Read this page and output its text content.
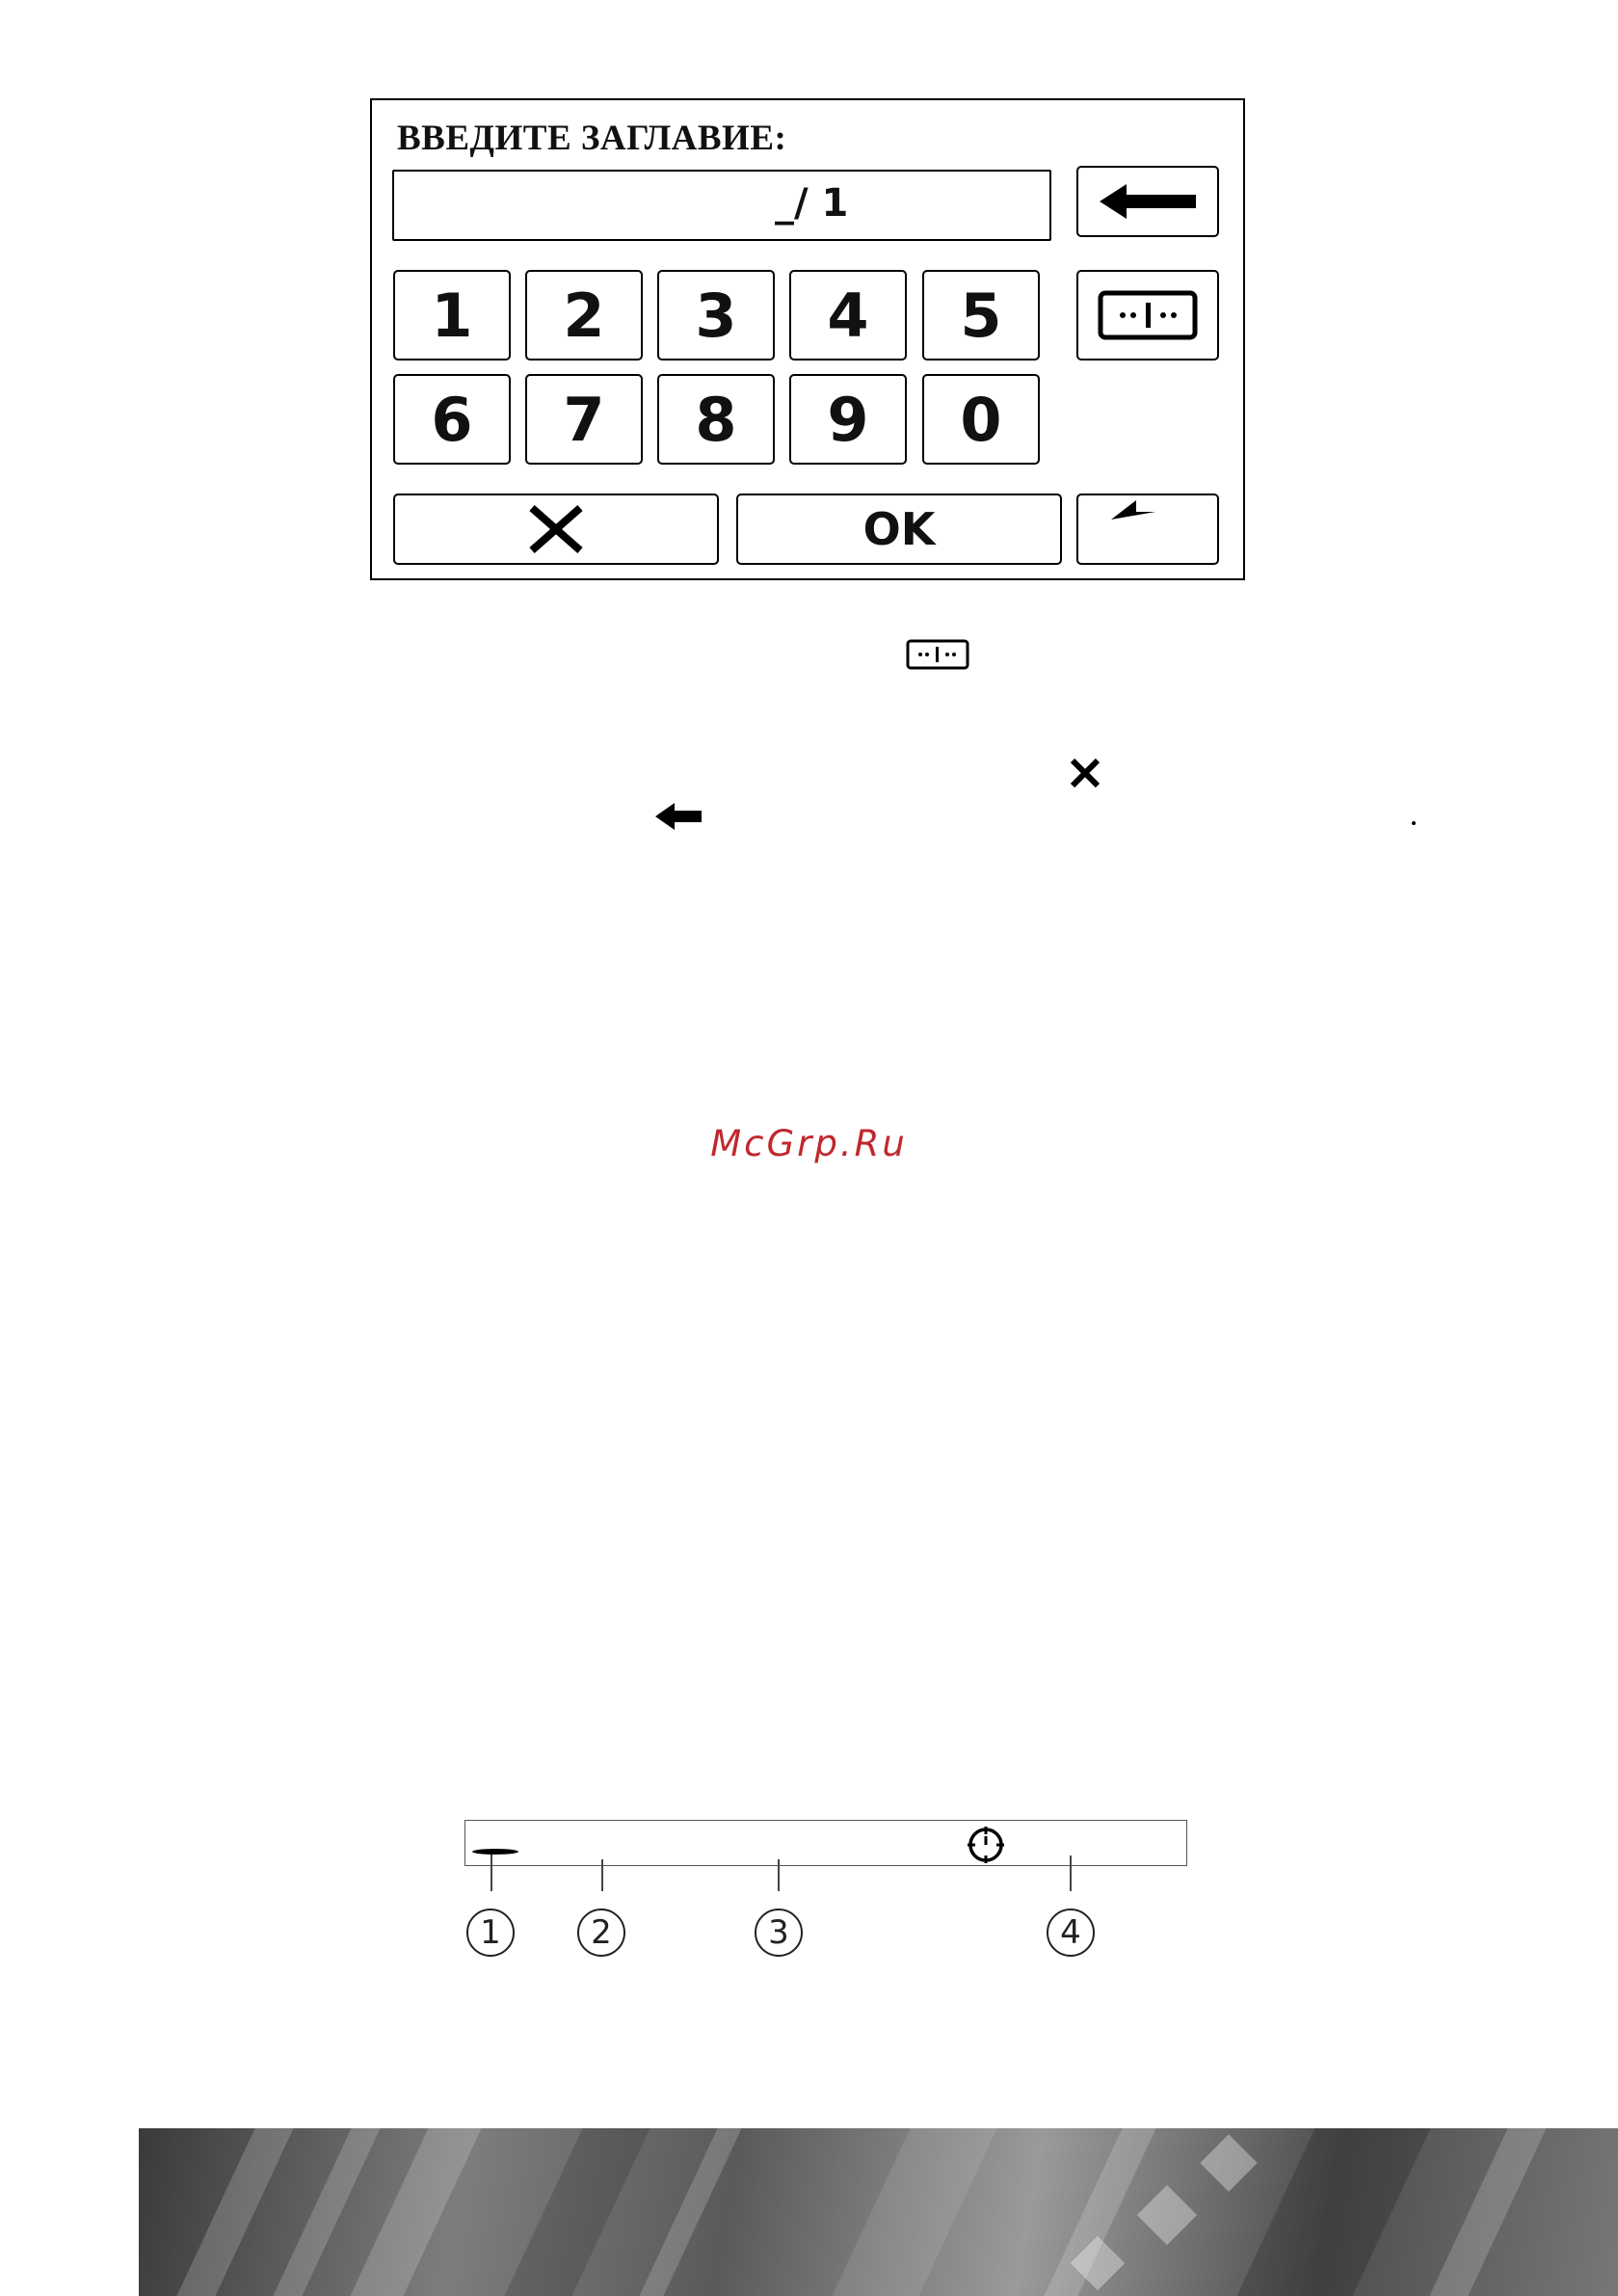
ВВЕДИТЕ ЗАГЛАВИЕ:
_/ 1
1	2	3	4	5
6	7	8	9	0
OK
McGrp.Ru
1	2	3	4
